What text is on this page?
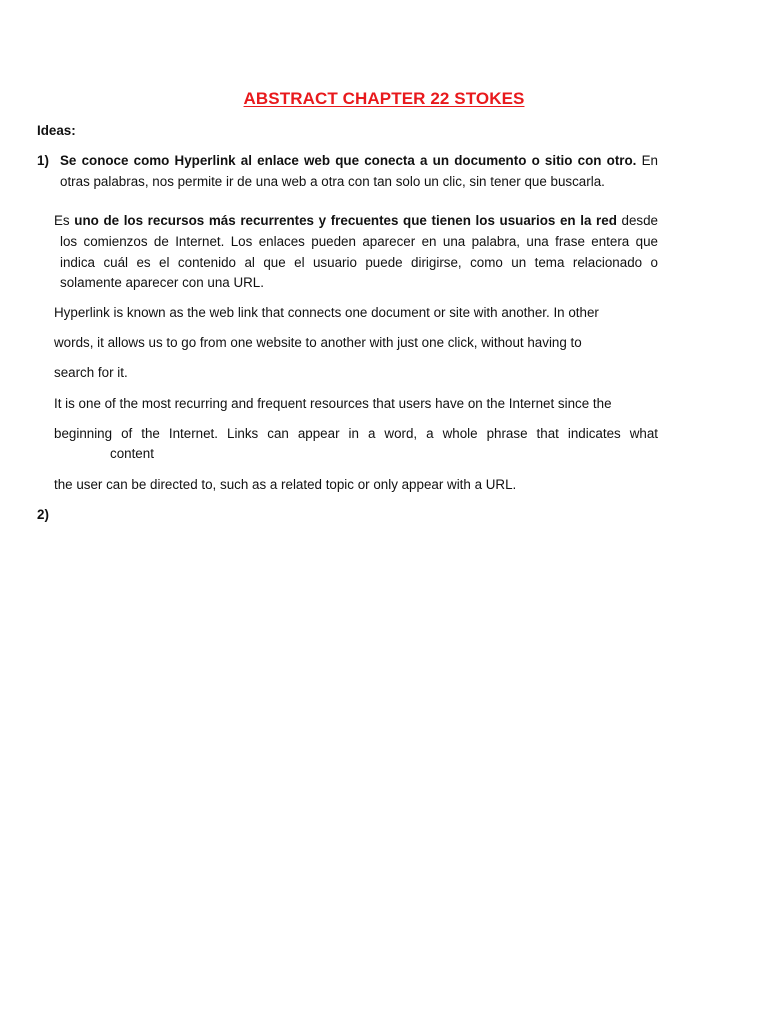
ABSTRACT CHAPTER 22 STOKES
Ideas:
1) Se conoce como Hyperlink al enlace web que conecta a un documento o sitio con otro. En
otras palabras, nos permite ir de una web a otra con tan solo un clic, sin tener que buscarla.
Es uno de los recursos más recurrentes y frecuentes que tienen los usuarios en la red desde
los comienzos de Internet. Los enlaces pueden aparecer en una palabra, una frase entera que
indica cuál es el contenido al que el usuario puede dirigirse, como un tema relacionado o
solamente aparecer con una URL.
Hyperlink is known as the web link that connects one document or site with another. In other
words, it allows us to go from one website to another with just one click, without having to
search for it.
It is one of the most recurring and frequent resources that users have on the Internet since the
beginning of the Internet. Links can appear in a word, a whole phrase that indicates what
content
the user can be directed to, such as a related topic or only appear with a URL.
2)
